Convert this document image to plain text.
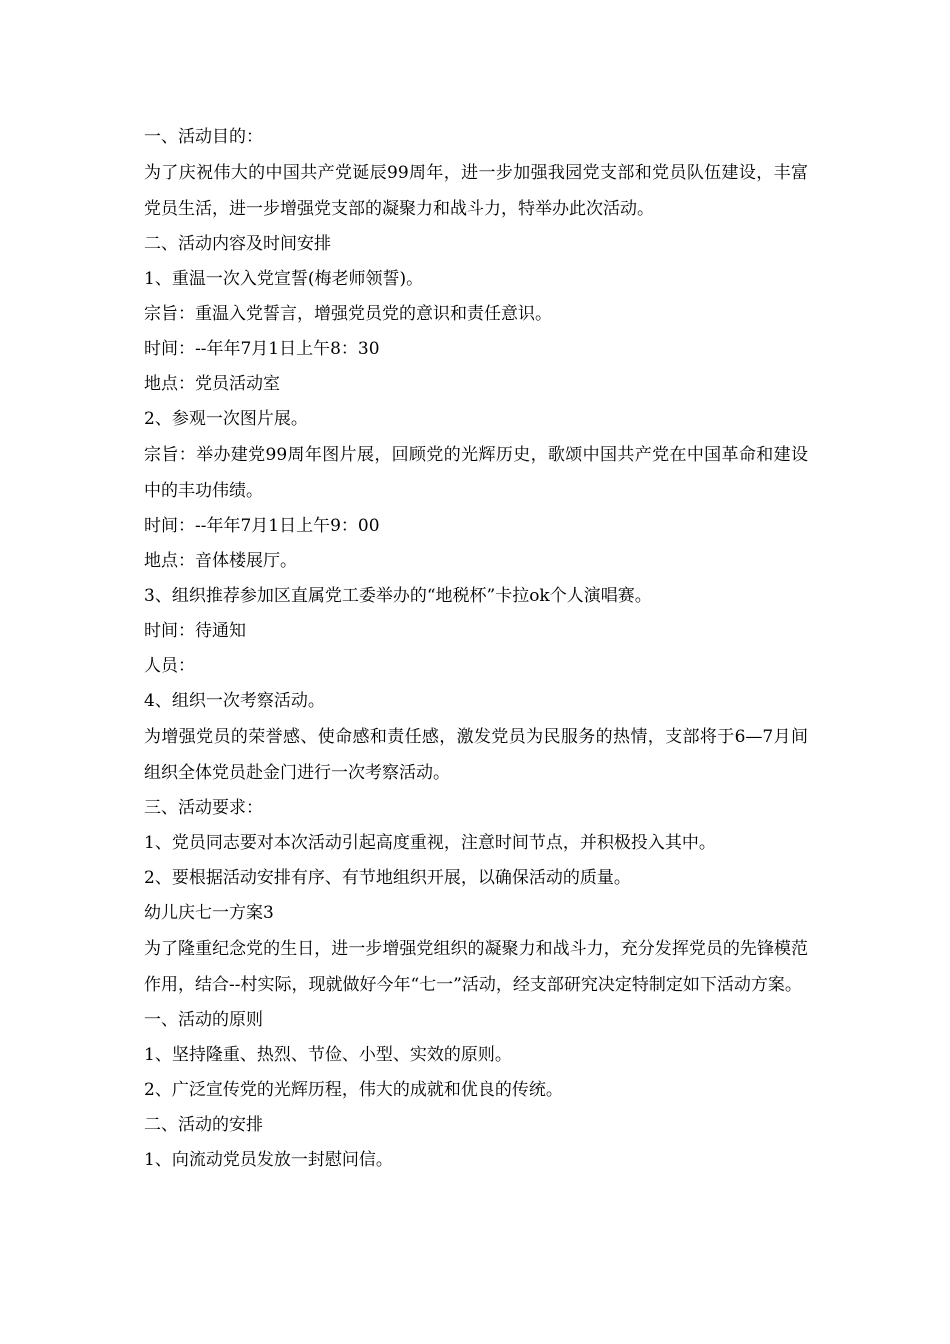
一、活动目的：

为了庆祝伟大的中国共产党诞辰99周年，进一步加强我园党支部和党员队伍建设，丰富党员生活，进一步增强党支部的凝聚力和战斗力，特举办此次活动。

二、活动内容及时间安排

1、重温一次入党宣誓(梅老师领誓)。

宗旨：重温入党誓言，增强党员党的意识和责任意识。

时间：--年年7月1日上午8：30

地点：党员活动室

2、参观一次图片展。

宗旨：举办建党99周年图片展，回顾党的光辉历史，歌颂中国共产党在中国革命和建设中的丰功伟绩。

时间：--年年7月1日上午9：00

地点：音体楼展厅。

3、组织推荐参加区直属党工委举办的“地税杯”卡拉ok个人演唱赛。

时间：待通知

人员：

4、组织一次考察活动。

为增强党员的荣誉感、使命感和责任感，激发党员为民服务的热情，支部将于6—7月间组织全体党员赴金门进行一次考察活动。

三、活动要求：

1、党员同志要对本次活动引起高度重视，注意时间节点，并积极投入其中。

2、要根据活动安排有序、有节地组织开展，以确保活动的质量。

幼儿庆七一方案3

为了隆重纪念党的生日，进一步增强党组织的凝聚力和战斗力，充分发挥党员的先锋模范作用，结合--村实际，现就做好今年“七一”活动，经支部研究决定特制定如下活动方案。

一、活动的原则

1、坚持隆重、热烈、节俭、小型、实效的原则。

2、广泛宣传党的光辉历程，伟大的成就和优良的传统。

二、活动的安排

1、向流动党员发放一封慰问信。
